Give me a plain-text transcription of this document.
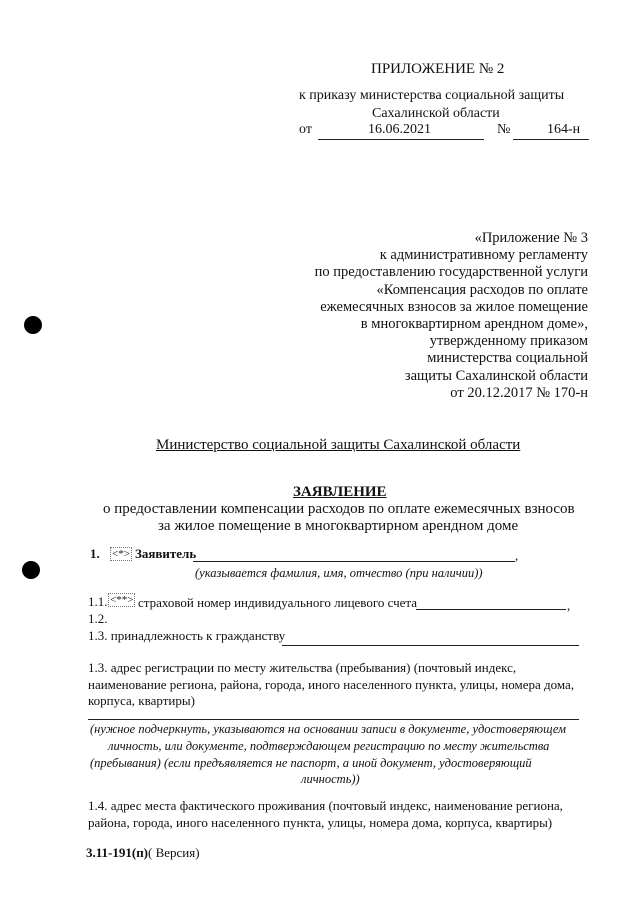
ПРИЛОЖЕНИЕ № 2
к приказу министерства социальной защиты
Сахалинской области
от	16.06.2021	№	164-н
«Приложение № 3
к административному регламенту
по предоставлению государственной услуги
«Компенсация расходов по оплате
ежемесячных взносов за жилое помещение
в многоквартирном арендном доме»,
утвержденному приказом
министерства социальной
защиты Сахалинской области
от 20.12.2017 № 170-н
Министерство социальной защиты Сахалинской области
ЗАЯВЛЕНИЕ
о предоставлении компенсации расходов по оплате ежемесячных взносов
за жилое помещение в многоквартирном арендном доме
1. <*> Заявитель	,
(указывается фамилия, имя, отчество (при наличии))
1.1. <**> страховой номер индивидуального лицевого счета	,
1.2.
1.3. принадлежность к гражданству
1.3. адрес регистрации по месту жительства (пребывания) (почтовый индекс,
наименование региона, района, города, иного населенного пункта, улицы, номера дома,
корпуса, квартиры)
(нужное подчеркнуть, указываются на основании записи в документе, удостоверяющем
личность, или документе, подтверждающем регистрацию по месту жительства
(пребывания) (если предъявляется не паспорт, а иной документ, удостоверяющий
личность))
1.4. адрес места фактического проживания (почтовый индекс, наименование региона,
района, города, иного населенного пункта, улицы, номера дома, корпуса, квартиры)
3.11-191(п)( Версия)
